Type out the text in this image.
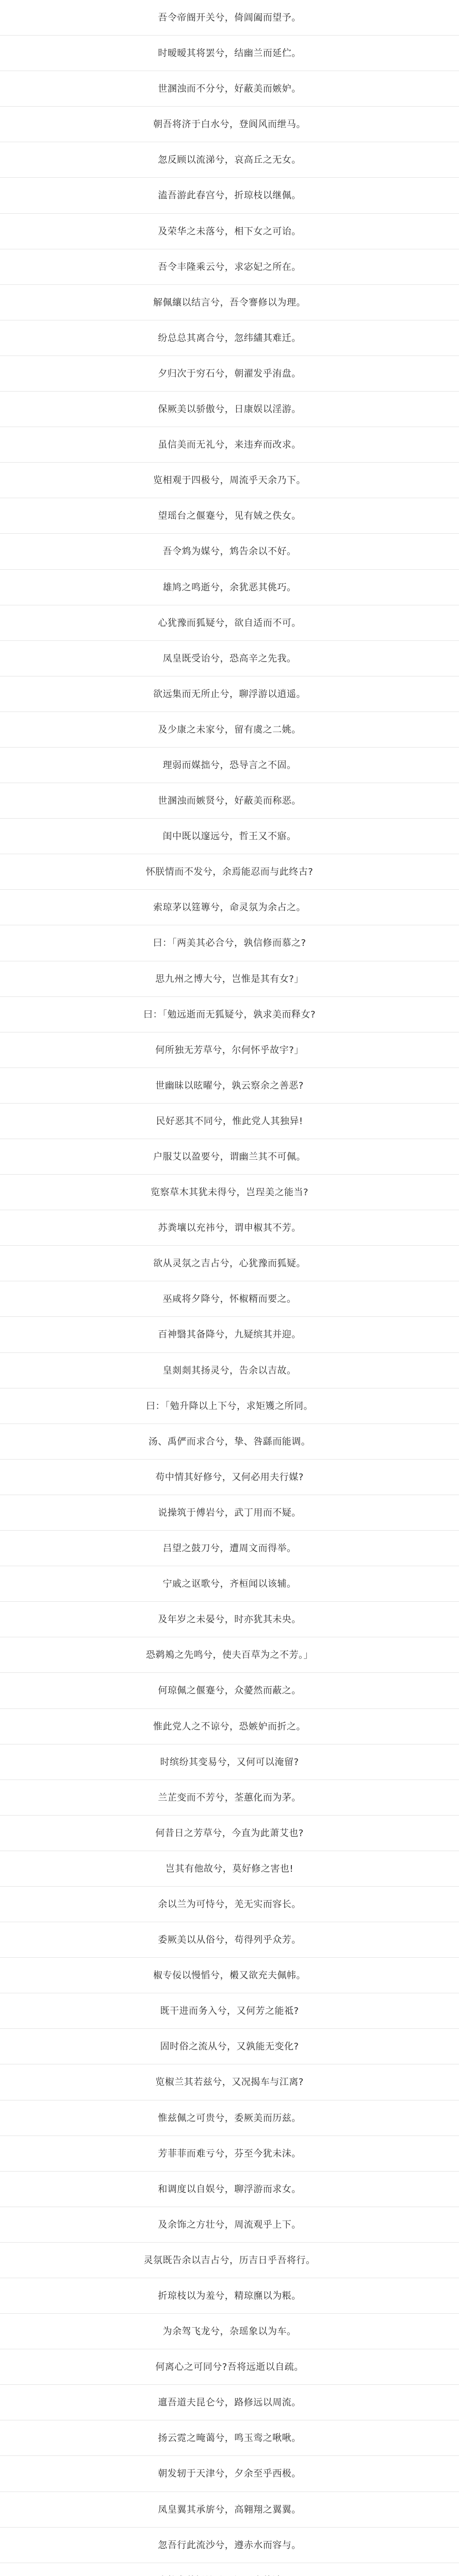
吾令帝阍开关兮，倚阊阖而望予。
时暧暧其将罢兮，结幽兰而延伫。
世溷浊而不分兮，好蔽美而嫉妒。
朝吾将济于白水兮，登阆风而绁马。
忽反顾以流涕兮，哀高丘之无女。
溘吾游此春宫兮，折琼枝以继佩。
及荣华之未落兮，相下女之可诒。
吾令丰隆乘云兮，求宓妃之所在。
解佩纕以结言兮，吾令謇修以为理。
纷总总其离合兮，忽纬繣其难迁。
夕归次于穷石兮，朝濯发乎洧盘。
保厥美以骄傲兮，日康娱以淫游。
虽信美而无礼兮，来违弃而改求。
览相观于四极兮，周流乎天余乃下。
望瑶台之偃蹇兮，见有娀之佚女。
吾令鸩为媒兮，鸩告余以不好。
雄鸠之鸣逝兮，余犹恶其佻巧。
心犹豫而狐疑兮，欲自适而不可。
凤皇既受诒兮，恐高辛之先我。
欲远集而无所止兮，聊浮游以逍遥。
及少康之未家兮，留有虞之二姚。
理弱而媒拙兮，恐导言之不固。
世溷浊而嫉贤兮，好蔽美而称恶。
闺中既以邃远兮，哲王又不寤。
怀朕情而不发兮，余焉能忍而与此终古?
索琼茅以筳篿兮，命灵氛为余占之。
曰：「两美其必合兮，孰信修而慕之?
思九州之博大兮，岂惟是其有女?」
曰：「勉远逝而无狐疑兮，孰求美而释女?
何所独无芳草兮，尔何怀乎故宇?」
世幽昧以昡曜兮，孰云察余之善恶?
民好恶其不同兮，惟此党人其独异!
户服艾以盈要兮，谓幽兰其不可佩。
览察草木其犹未得兮，岂珵美之能当?
苏粪壤以充祎兮，谓申椒其不芳。
欲从灵氛之吉占兮，心犹豫而狐疑。
巫咸将夕降兮，怀椒糈而要之。
百神翳其备降兮，九疑缤其并迎。
皇剡剡其扬灵兮，告余以吉故。
曰：「勉升降以上下兮，求矩矱之所同。
汤、禹俨而求合兮，挚、咎繇而能调。
苟中情其好修兮，又何必用夫行媒?
说操筑于傅岩兮，武丁用而不疑。
吕望之鼓刀兮，遭周文而得举。
宁戚之讴歌兮，齐桓闻以该辅。
及年岁之未晏兮，时亦犹其未央。
恐鹈鴂之先鸣兮，使夫百草为之不芳。」
何琼佩之偃蹇兮，众薆然而蔽之。
惟此党人之不谅兮，恐嫉妒而折之。
时缤纷其变易兮，又何可以淹留?
兰芷变而不芳兮，荃蕙化而为茅。
何昔日之芳草兮，今直为此萧艾也?
岂其有他故兮，莫好修之害也!
余以兰为可恃兮，羌无实而容长。
委厥美以从俗兮，苟得列乎众芳。
椒专佞以慢慆兮，樧又欲充夫佩帏。
既干进而务入兮，又何芳之能祗?
固时俗之流从兮，又孰能无变化?
览椒兰其若兹兮，又况揭车与江离?
惟兹佩之可贵兮，委厥美而历兹。
芳菲菲而难亏兮，芬至今犹未沬。
和调度以自娱兮，聊浮游而求女。
及余饰之方壮兮，周流观乎上下。
灵氛既告余以吉占兮，历吉日乎吾将行。
折琼枝以为羞兮，精琼爢以为粻。
为余驾飞龙兮，杂瑶象以为车。
何离心之可同兮?吾将远逝以自疏。
邅吾道夫昆仑兮，路修远以周流。
扬云霓之晻蔼兮，鸣玉鸾之啾啾。
朝发轫于天津兮，夕余至乎西极。
凤皇翼其承旂兮，高翱翔之翼翼。
忽吾行此流沙兮，遵赤水而容与。
